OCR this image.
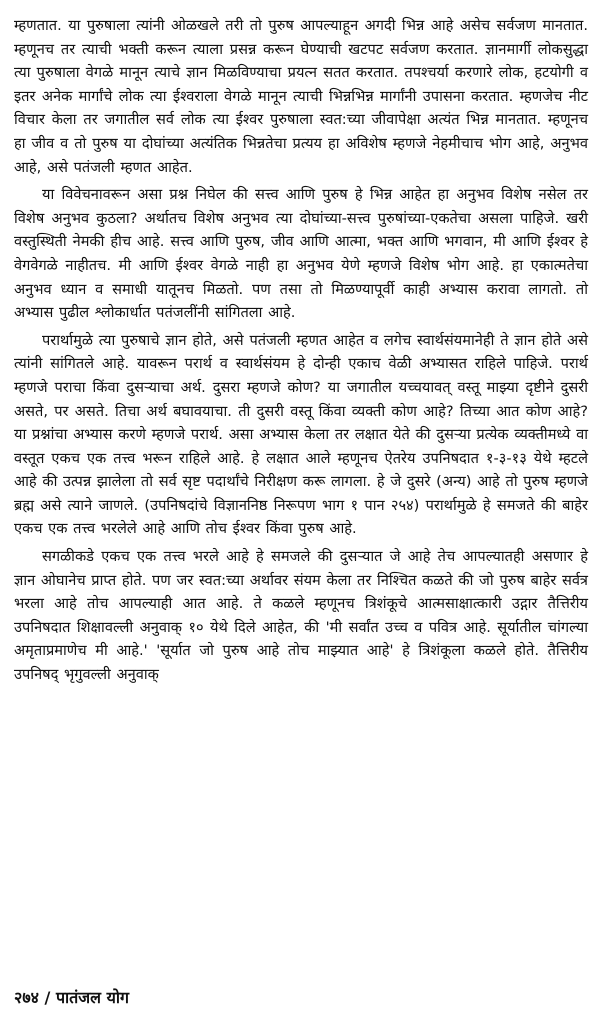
म्हणतात. या पुरुषाला त्यांनी ओळखले तरी तो पुरुष आपल्याहून अगदी भिन्न आहे असेच सर्वजण मानतात. म्हणूनच तर त्याची भक्ती करून त्याला प्रसन्न करून घेण्याची खटपट सर्वजण करतात. ज्ञानमार्गी लोकसुद्धा त्या पुरुषाला वेगळे मानून त्याचे ज्ञान मिळविण्याचा प्रयत्न सतत करतात. तपश्चर्या करणारे लोक, हटयोगी व इतर अनेक मार्गांचे लोक त्या ईश्वराला वेगळे मानून त्याची भिन्नभिन्न मार्गांनी उपासना करतात. म्हणजेच नीट विचार केला तर जगातील सर्व लोक त्या ईश्वर पुरुषाला स्वत:च्या जीवापेक्षा अत्यंत भिन्न मानतात. म्हणूनच हा जीव व तो पुरुष या दोघांच्या अत्यंतिक भिन्नतेचा प्रत्यय हा अविशेष म्हणजे नेहमीचाच भोग आहे, अनुभव आहे, असे पतंजली म्हणत आहेत.

या विवेचनावरून असा प्रश्न निघेल की सत्त्व आणि पुरुष हे भिन्न आहेत हा अनुभव विशेष नसेल तर विशेष अनुभव कुठला? अर्थातच विशेष अनुभव त्या दोघांच्या-सत्त्व पुरुषांच्या-एकतेचा असला पाहिजे. खरी वस्तुस्थिती नेमकी हीच आहे. सत्त्व आणि पुरुष, जीव आणि आत्मा, भक्त आणि भगवान, मी आणि ईश्वर हे वेगवेगळे नाहीतच. मी आणि ईश्वर वेगळे नाही हा अनुभव येणे म्हणजे विशेष भोग आहे. हा एकात्मतेचा अनुभव ध्यान व समाधी यातूनच मिळतो. पण तसा तो मिळण्यापूर्वी काही अभ्यास करावा लागतो. तो अभ्यास पुढील श्लोकार्धात पतंजलींनी सांगितला आहे.

परार्थामुळे त्या पुरुषाचे ज्ञान होते, असे पतंजली म्हणत आहेत व लगेच स्वार्थसंयमानेही ते ज्ञान होते असे त्यांनी सांगितले आहे. यावरून परार्थ व स्वार्थसंयम हे दोन्ही एकाच वेळी अभ्यासत राहिले पाहिजे. परार्थ म्हणजे पराचा किंवा दुसऱ्याचा अर्थ. दुसरा म्हणजे कोण? या जगातील यच्चयावत् वस्तू माझ्या दृष्टीने दुसरी असते, पर असते. तिचा अर्थ बघावयाचा. ती दुसरी वस्तू किंवा व्यक्ती कोण आहे? तिच्या आत कोण आहे? या प्रश्नांचा अभ्यास करणे म्हणजे परार्थ. असा अभ्यास केला तर लक्षात येते की दुसऱ्या प्रत्येक व्यक्तीमध्ये वा वस्तूत एकच एक तत्त्व भरून राहिले आहे. हे लक्षात आले म्हणूनच ऐतरेय उपनिषदात १-३-१३ येथे म्हटले आहे की उत्पन्न झालेला तो सर्व सृष्ट पदार्थांचे निरीक्षण करू लागला. हे जे दुसरे (अन्य) आहे तो पुरुष म्हणजे ब्रह्म असे त्याने जाणले. (उपनिषदांचे विज्ञाननिष्ठ निरूपण भाग १ पान २५४) परार्थामुळे हे समजते की बाहेर एकच एक तत्त्व भरलेले आहे आणि तोच ईश्वर किंवा पुरुष आहे.

सगळीकडे एकच एक तत्त्व भरले आहे हे समजले की दुसऱ्यात जे आहे तेच आपल्यातही असणार हे ज्ञान ओघानेच प्राप्त होते. पण जर स्वत:च्या अर्थावर संयम केला तर निश्चित कळते की जो पुरुष बाहेर सर्वत्र भरला आहे तोच आपल्याही आत आहे. ते कळले म्हणूनच त्रिशंकूचे आत्मसाक्षात्कारी उद्गार तैत्तिरीय उपनिषदात शिक्षावल्ली अनुवाक् १० येथे दिले आहेत, की 'मी सर्वांत उच्च व पवित्र आहे. सूर्यातील चांगल्या अमृताप्रमाणेच मी आहे.' 'सूर्यात जो पुरुष आहे तोच माझ्यात आहे' हे त्रिशंकूला कळले होते. तैत्तिरीय उपनिषद् भृगुवल्ली अनुवाक्

२७४ / पातंजल योग
